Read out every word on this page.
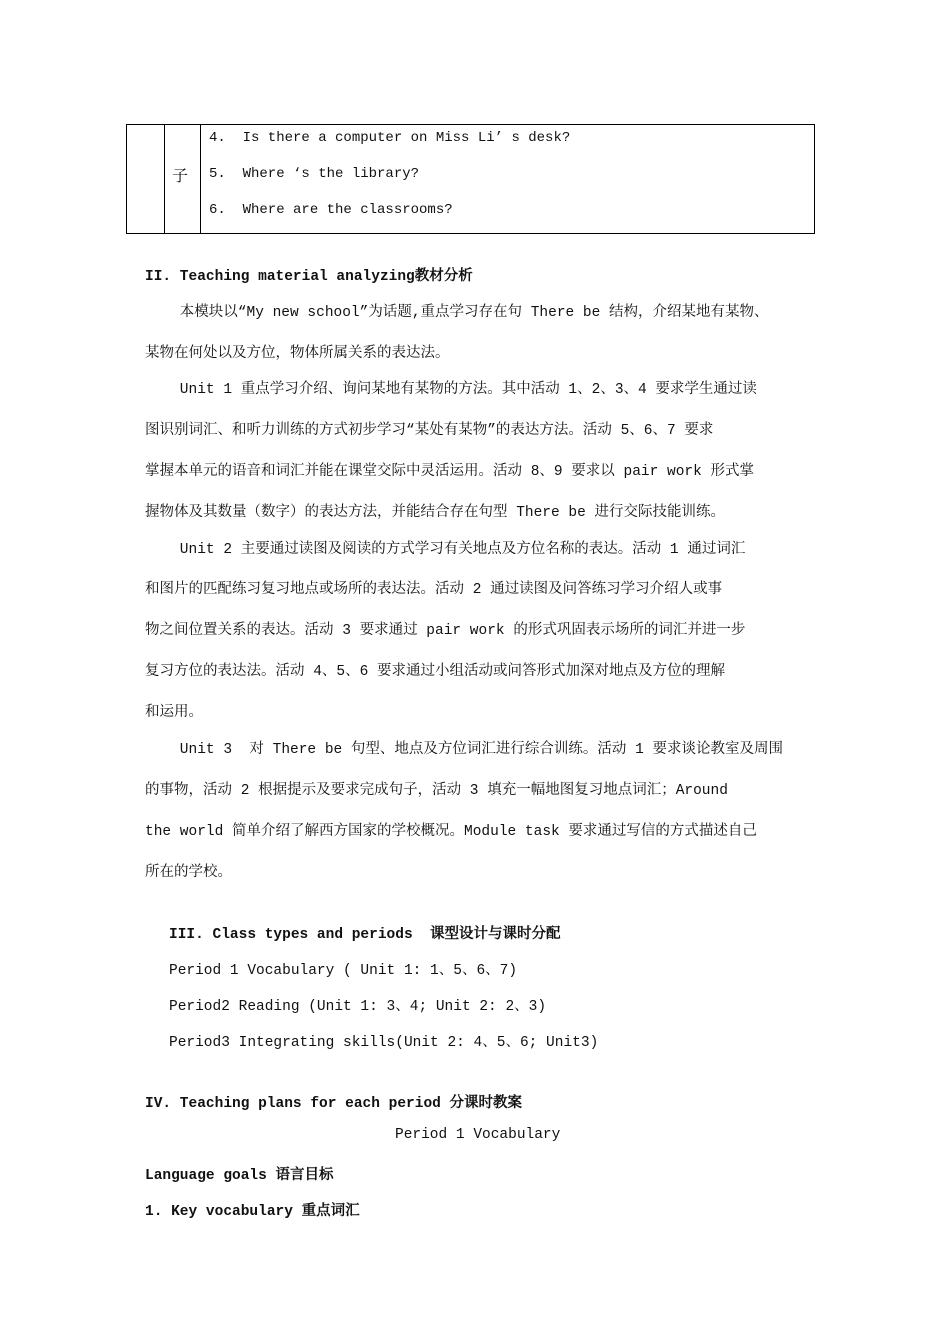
子
4.  Is there a computer on Miss Li’ s desk?
5.  Where ‘s the library?
6.  Where are the classrooms?
II. Teaching material analyzing教材分析
本模块以“My new school”为话题,重点学习存在句 There be 结构，介绍某地有某物、
某物在何处以及方位，物体所属关系的表达法。
Unit 1 重点学习介绍、询问某地有某物的方法。其中活动 1、2、3、4 要求学生通过读
图识别词汇、和听力训练的方式初步学习“某处有某物”的表达方法。活动 5、6、7 要求
掌握本单元的语音和词汇并能在课堂交际中灵活运用。活动 8、9 要求以 pair work 形式掌
握物体及其数量（数字）的表达方法，并能结合存在句型 There be 进行交际技能训练。
Unit 2 主要通过读图及阅读的方式学习有关地点及方位名称的表达。活动 1 通过词汇
和图片的匹配练习复习地点或场所的表达法。活动 2 通过读图及问答练习学习介绍人或事
物之间位置关系的表达。活动 3 要求通过 pair work 的形式巩固表示场所的词汇并进一步
复习方位的表达法。活动 4、5、6 要求通过小组活动或问答形式加深对地点及方位的理解
和运用。
Unit 3  对 There be 句型、地点及方位词汇进行综合训练。活动 1 要求谈论教室及周围
的事物，活动 2 根据提示及要求完成句子，活动 3 填充一幅地图复习地点词汇；Around
the world 简单介绍了解西方国家的学校概况。Module task 要求通过写信的方式描述自己
所在的学校。
III. Class types and periods  课型设计与课时分配
Period 1 Vocabulary ( Unit 1: 1、5、6、7)
Period2 Reading (Unit 1: 3、4; Unit 2: 2、3)
Period3 Integrating skills(Unit 2: 4、5、6; Unit3)
IV. Teaching plans for each period 分课时教案
Period 1 Vocabulary
Language goals 语言目标
1. Key vocabulary 重点词汇
